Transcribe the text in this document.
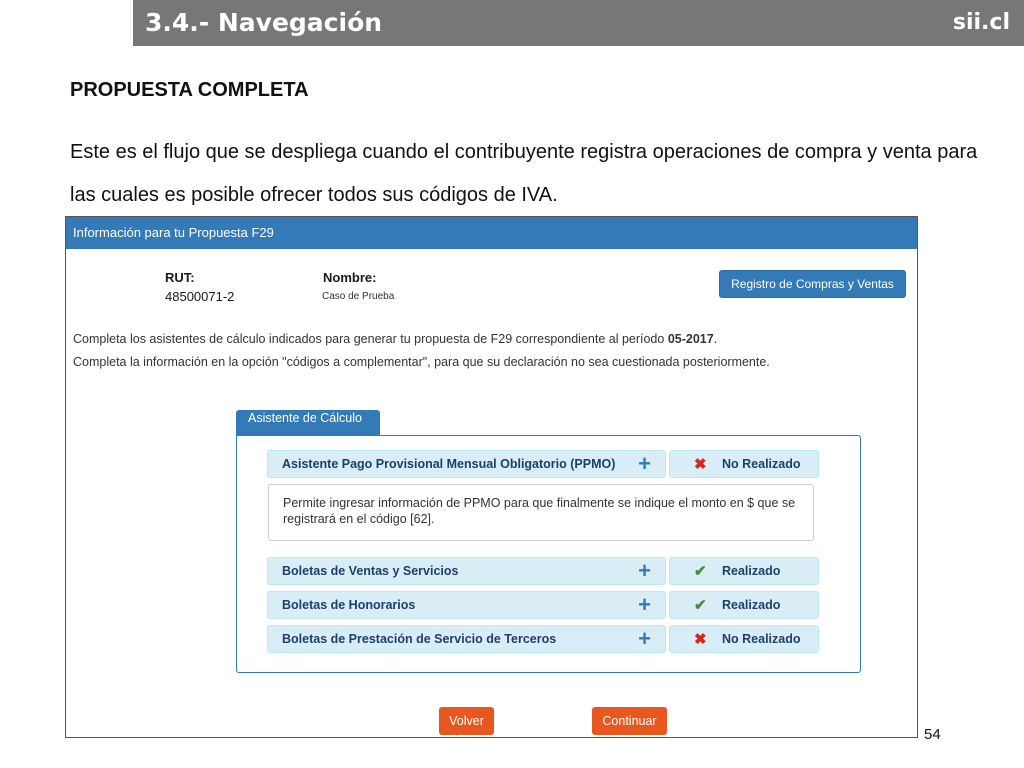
3.4.- Navegación	sii.cl
PROPUESTA COMPLETA
Este es el flujo que se despliega cuando el contribuyente registra operaciones de compra y venta para las cuales es posible ofrecer todos sus códigos de IVA.
Información para tu Propuesta F29
RUT:
48500071-2
Nombre:
Caso de Prueba
Registro de Compras y Ventas
Completa los asistentes de cálculo indicados para generar tu propuesta de F29 correspondiente al período 05-2017.
Completa la información en la opción "códigos a complementar", para que su declaración no sea cuestionada posteriormente.
Asistente de Cálculo
Asistente Pago Provisional Mensual Obligatorio (PPMO) +	✖ No Realizado
Permite ingresar información de PPMO para que finalmente se indique el monto en $ que se registrará en el código [62].
Boletas de Ventas y Servicios	+	✔ Realizado
Boletas de Honorarios	+	✔ Realizado
Boletas de Prestación de Servicio de Terceros	+	✖ No Realizado
Volver	Continuar
54
